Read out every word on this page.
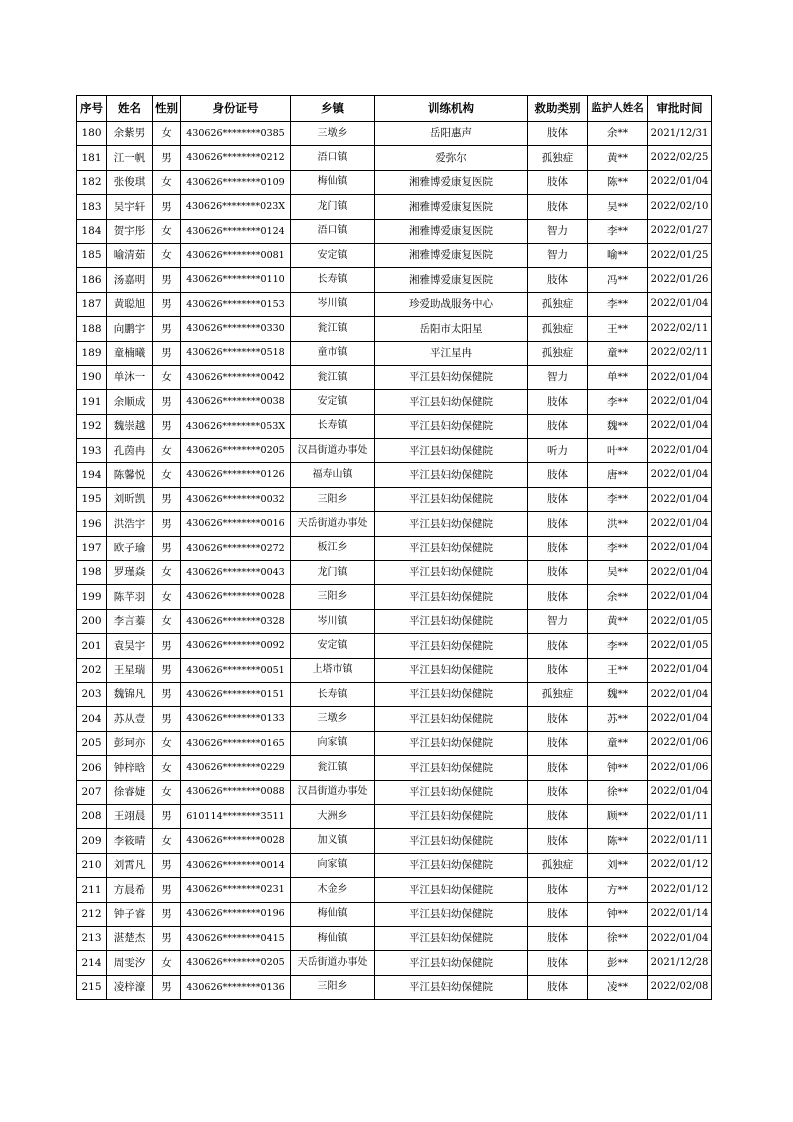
序号	姓名	性别	身份证号	乡镇	训练机构	救助类别	监护人姓名	审批时间
180	余紫男	女	430626********0385	三墩乡	岳阳惠声	肢体	余**	2021/12/31
181	江一帆	男	430626********0212	浯口镇	爱弥尔	孤独症	黄**	2022/02/25
182	张俊琪	女	430626********0109	梅仙镇	湘雅博爱康复医院	肢体	陈**	2022/01/04
183	吴宇轩	男	430626********023X	龙门镇	湘雅博爱康复医院	肢体	吴**	2022/02/10
184	贺宇彤	女	430626********0124	浯口镇	湘雅博爱康复医院	智力	李**	2022/01/27
185	喻清茹	女	430626********0081	安定镇	湘雅博爱康复医院	智力	喻**	2022/01/25
186	汤嘉明	男	430626********0110	长寿镇	湘雅博爱康复医院	肢体	冯**	2022/01/26
187	黄聪旭	男	430626********0153	岑川镇	珍爱助战服务中心	孤独症	李**	2022/01/04
188	向鹏宇	男	430626********0330	瓮江镇	岳阳市太阳星	孤独症	王**	2022/02/11
189	童楠曦	男	430626********0518	童市镇	平江星冉	孤独症	童**	2022/02/11
190	单沐一	女	430626********0042	瓮江镇	平江县妇幼保健院	智力	单**	2022/01/04
191	余顺成	男	430626********0038	安定镇	平江县妇幼保健院	肢体	李**	2022/01/04
192	魏崇越	男	430626********053X	长寿镇	平江县妇幼保健院	肢体	魏**	2022/01/04
193	孔茵冉	女	430626********0205	汉昌街道办事处	平江县妇幼保健院	听力	叶**	2022/01/04
194	陈馨悦	女	430626********0126	福寿山镇	平江县妇幼保健院	肢体	唐**	2022/01/04
195	刘昕凯	男	430626********0032	三阳乡	平江县妇幼保健院	肢体	李**	2022/01/04
196	洪浩宇	男	430626********0016	天岳街道办事处	平江县妇幼保健院	肢体	洪**	2022/01/04
197	欧子瑜	男	430626********0272	板江乡	平江县妇幼保健院	肢体	李**	2022/01/04
198	罗瑾焱	女	430626********0043	龙门镇	平江县妇幼保健院	肢体	吴**	2022/01/04
199	陈芊羽	女	430626********0028	三阳乡	平江县妇幼保健院	肢体	余**	2022/01/04
200	李言蓁	女	430626********0328	岑川镇	平江县妇幼保健院	智力	黄**	2022/01/05
201	袁昊宇	男	430626********0092	安定镇	平江县妇幼保健院	肢体	李**	2022/01/05
202	王星瑞	男	430626********0051	上塔市镇	平江县妇幼保健院	肢体	王**	2022/01/04
203	魏锦凡	男	430626********0151	长寿镇	平江县妇幼保健院	孤独症	魏**	2022/01/04
204	苏从壹	男	430626********0133	三墩乡	平江县妇幼保健院	肢体	苏**	2022/01/04
205	彭珂亦	女	430626********0165	向家镇	平江县妇幼保健院	肢体	童**	2022/01/06
206	钟梓晗	女	430626********0229	瓮江镇	平江县妇幼保健院	肢体	钟**	2022/01/06
207	徐睿婕	女	430626********0088	汉昌街道办事处	平江县妇幼保健院	肢体	徐**	2022/01/04
208	王翊晨	男	610114********3511	大洲乡	平江县妇幼保健院	肢体	顾**	2022/01/11
209	李筱晴	女	430626********0028	加义镇	平江县妇幼保健院	肢体	陈**	2022/01/11
210	刘霄凡	男	430626********0014	向家镇	平江县妇幼保健院	孤独症	刘**	2022/01/12
211	方晨希	男	430626********0231	木金乡	平江县妇幼保健院	肢体	方**	2022/01/12
212	钟子睿	男	430626********0196	梅仙镇	平江县妇幼保健院	肢体	钟**	2022/01/14
213	湛楚杰	男	430626********0415	梅仙镇	平江县妇幼保健院	肢体	徐**	2022/01/04
214	周雯汐	女	430626********0205	天岳街道办事处	平江县妇幼保健院	肢体	彭**	2021/12/28
215	凌梓濠	男	430626********0136	三阳乡	平江县妇幼保健院	肢体	凌**	2022/02/08
